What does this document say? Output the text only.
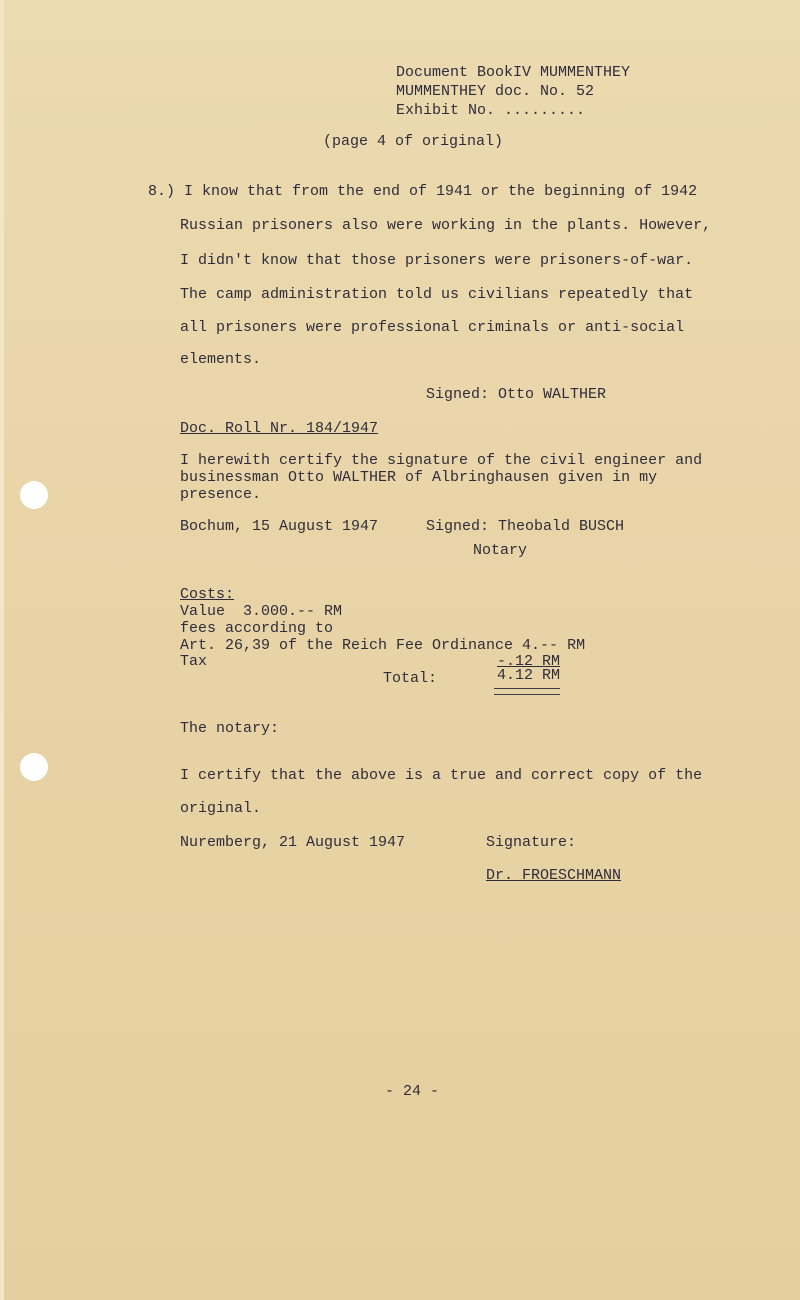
Document BookIV MUMMENTHEY
MUMMENTHEY doc. No. 52
Exhibit No. .........
(page 4 of original)
8.) I know that from the end of 1941 or the beginning of 1942
Russian prisoners also were working in the plants. However,
I didn't know that those prisoners were prisoners-of-war.
The camp administration told us civilians repeatedly that
all prisoners were professional criminals or anti-social
elements.
Signed: Otto WALTHER
Doc. Roll Nr. 184/1947
I herewith certify the signature of the civil engineer and
businessman Otto WALTHER of Albringhausen given in my
presence.
Bochum, 15 August 1947	Signed: Theobald BUSCH
Notary
Costs:
Value  3.000.-- RM
fees according to
Art. 26,39 of the Reich Fee Ordinance 4.-- RM
Tax	-.12 RM
Total:	4.12 RM
The notary:
I certify that the above is a true and correct copy of the
original.
Nuremberg, 21 August 1947	Signature:
Dr. FROESCHMANN
- 24 -
